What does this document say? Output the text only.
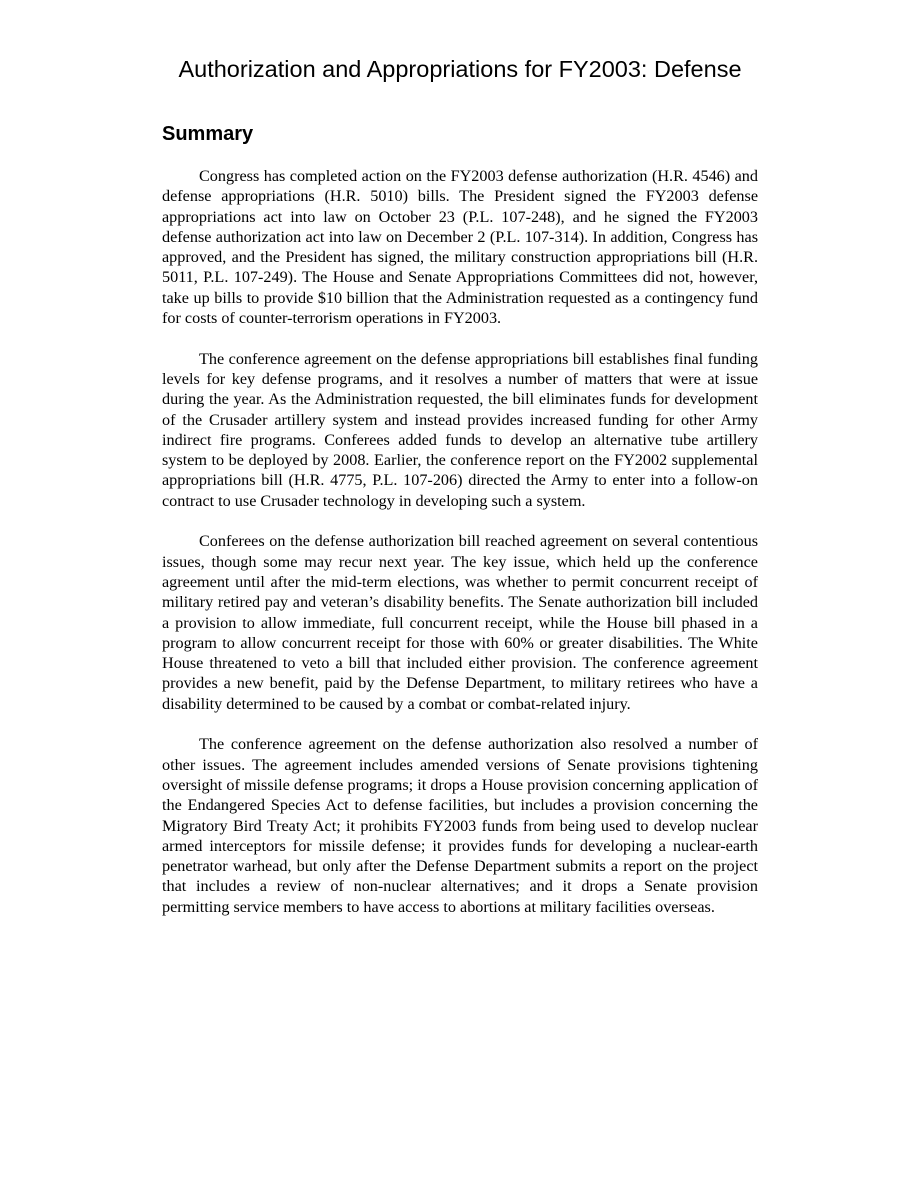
Authorization and Appropriations for FY2003: Defense
Summary

Congress has completed action on the FY2003 defense authorization (H.R. 4546) and defense appropriations (H.R. 5010) bills. The President signed the FY2003 defense appropriations act into law on October 23 (P.L. 107-248), and he signed the FY2003 defense authorization act into law on December 2 (P.L. 107-314). In addition, Congress has approved, and the President has signed, the military construction appropriations bill (H.R. 5011, P.L. 107-249). The House and Senate Appropriations Committees did not, however, take up bills to provide $10 billion that the Administration requested as a contingency fund for costs of counter-terrorism operations in FY2003.

The conference agreement on the defense appropriations bill establishes final funding levels for key defense programs, and it resolves a number of matters that were at issue during the year. As the Administration requested, the bill eliminates funds for development of the Crusader artillery system and instead provides increased funding for other Army indirect fire programs. Conferees added funds to develop an alternative tube artillery system to be deployed by 2008. Earlier, the conference report on the FY2002 supplemental appropriations bill (H.R. 4775, P.L. 107-206) directed the Army to enter into a follow-on contract to use Crusader technology in developing such a system.

Conferees on the defense authorization bill reached agreement on several contentious issues, though some may recur next year. The key issue, which held up the conference agreement until after the mid-term elections, was whether to permit concurrent receipt of military retired pay and veteran’s disability benefits. The Senate authorization bill included a provision to allow immediate, full concurrent receipt, while the House bill phased in a program to allow concurrent receipt for those with 60% or greater disabilities. The White House threatened to veto a bill that included either provision. The conference agreement provides a new benefit, paid by the Defense Department, to military retirees who have a disability determined to be caused by a combat or combat-related injury.

The conference agreement on the defense authorization also resolved a number of other issues. The agreement includes amended versions of Senate provisions tightening oversight of missile defense programs; it drops a House provision concerning application of the Endangered Species Act to defense facilities, but includes a provision concerning the Migratory Bird Treaty Act; it prohibits FY2003 funds from being used to develop nuclear armed interceptors for missile defense; it provides funds for developing a nuclear-earth penetrator warhead, but only after the Defense Department submits a report on the project that includes a review of non-nuclear alternatives; and it drops a Senate provision permitting service members to have access to abortions at military facilities overseas.
